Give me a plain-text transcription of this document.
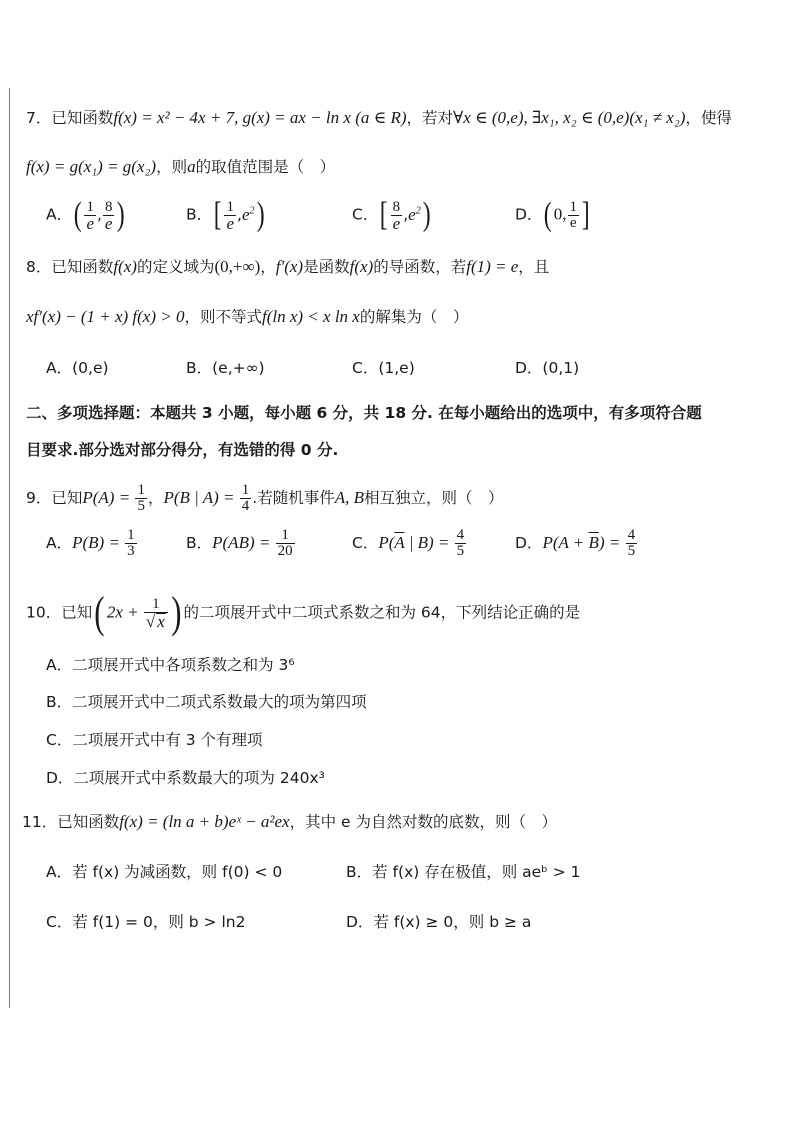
7．已知函数f(x) = x² − 4x + 7, g(x) = ax − ln x (a ∈ R)，若对∀x ∈ (0,e), ∃x₁, x₂ ∈ (0,e)(x₁ ≠ x₂)，使得
f(x) = g(x₁) = g(x₂)，则a的取值范围是（　）
A．( $\frac{1}{e}$ , $\frac{8}{e}$ )	B．[ $\frac{1}{e} ,e^2$)	C．[ $\frac{8}{e} ,e^2$)	D．(0, $\frac{1}{e}$ ]
8．已知函数f(x)的定义域为(0,+∞)，f′(x)是函数f(x)的导函数，若f(1) = e，且
xf′(x) − (1 + x) f(x) > 0，则不等式f(ln x) < x ln x的解集为（　）
A．(0,e)	B．(e,+∞)	C．(1,e)	D．(0,1)
二、多项选择题：本题共 3 小题，每小题 6 分，共 18 分. 在每小题给出的选项中，有多项符合题
目要求.部分选对部分得分，有选错的得 0 分.
9．已知$P(A) = \frac{1}{5}$ ，P(B | $A) = \frac{1}{4}$ .若随机事件A, B相互独立，则（　）
A．$P(B) = \frac{1}{3}$	B．$P(AB) = \frac{1}{20}$	C．$P(\overline{A}$ | $B) = \frac{4}{5}$	D．$P(A + \overline{B}) = \frac{4}{5}$
10．已知( $2x + \frac{1}{√ x}$ ) 的二项展开式中二项式系数之和为 64，下列结论正确的是
A．二项展开式中各项系数之和为 3⁶
B．二项展开式中二项式系数最大的项为第四项
C．二项展开式中有 3 个有理项
D．二项展开式中系数最大的项为 240x³
11．已知函数f(x) = (ln a + b)eˣ − a²ex，其中 e 为自然对数的底数，则（　）
A．若 f(x) 为减函数，则 f(0) < 0	B．若 f(x) 存在极值，则 aeᵇ > 1
C．若 f(1) = 0，则 b > ln2	D．若 f(x) ≥ 0，则 b ≥ a
